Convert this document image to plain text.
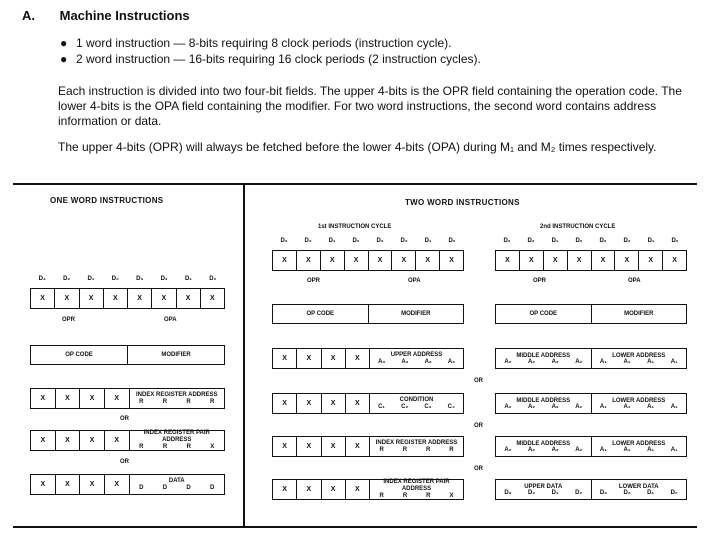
A. Machine Instructions
● 1 word instruction — 8-bits requiring 8 clock periods (instruction cycle).
● 2 word instruction — 16-bits requiring 16 clock periods (2 instruction cycles).
Each instruction is divided into two four-bit fields. The upper 4-bits is the OPR field containing the operation code. The lower 4-bits is the OPA field containing the modifier. For two word instructions, the second word contains address information or data.
The upper 4-bits (OPR) will always be fetched before the lower 4-bits (OPA) during M₁ and M₂ times respectively.
ONE WORD INSTRUCTIONS
D₃	D₂	D₁	D₀	D₃	D₂	D₁	D₀
X	X	X	X	X	X	X	X
OPR	OPA
OP CODE	MODIFIER
X	X	X	X
INDEX REGISTER ADDRESS
R	R	R	R
OR
X	X	X	X
INDEX REGISTER PAIR ADDRESS
R	R	R	X
OR
X	X	X	X
DATA
D	D	D	D
TWO WORD INSTRUCTIONS
1st INSTRUCTION CYCLE	2nd INSTRUCTION CYCLE
D₃	D₂	D₁	D₀	D₃	D₂	D₁	D₀
X	X	X	X	X	X	X	X
OPR	OPA
D₃	D₂	D₁	D₀	D₃	D₂	D₁	D₀
X	X	X	X	X	X	X	X
OPR	OPA
OP CODE	MODIFIER	OP CODE	MODIFIER
X	X	X	X
UPPER ADDRESS
A₃	A₃	A₃	A₃
X	X	X	X
CONDITION
C₁	C₂	C₃	C₄
X	X	X	X
INDEX REGISTER ADDRESS
R	R	R	R
X	X	X	X
INDEX REGISTER PAIR ADDRESS
R	R	R	X
MIDDLE ADDRESS
A₂	A₂	A₂	A₂
LOWER ADDRESS
A₁	A₁	A₁	A₁
MIDDLE ADDRESS
A₂	A₂	A₂	A₂
LOWER ADDRESS
A₁	A₁	A₁	A₁
MIDDLE ADDRESS
A₂	A₂	A₂	A₂
LOWER ADDRESS
A₁	A₁	A₁	A₁
UPPER DATA
D₃	D₂	D₁	D₀
LOWER DATA
D₃	D₂	D₁	D₀
OR
OR
OR
